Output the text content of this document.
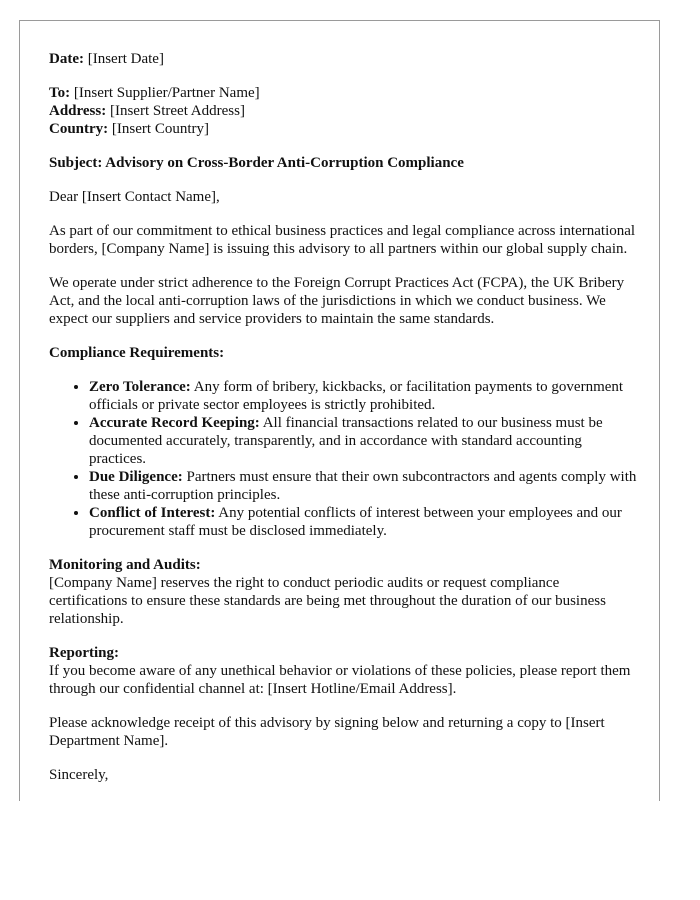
Date: [Insert Date]

To: [Insert Supplier/Partner Name]
Address: [Insert Street Address]
Country: [Insert Country]

Subject: Advisory on Cross-Border Anti-Corruption Compliance

Dear [Insert Contact Name],

As part of our commitment to ethical business practices and legal compliance across international borders, [Company Name] is issuing this advisory to all partners within our global supply chain.

We operate under strict adherence to the Foreign Corrupt Practices Act (FCPA), the UK Bribery Act, and the local anti-corruption laws of the jurisdictions in which we conduct business. We expect our suppliers and service providers to maintain the same standards.

Compliance Requirements:

• Zero Tolerance: Any form of bribery, kickbacks, or facilitation payments to government officials or private sector employees is strictly prohibited.
• Accurate Record Keeping: All financial transactions related to our business must be documented accurately, transparently, and in accordance with standard accounting practices.
• Due Diligence: Partners must ensure that their own subcontractors and agents comply with these anti-corruption principles.
• Conflict of Interest: Any potential conflicts of interest between your employees and our procurement staff must be disclosed immediately.
Monitoring and Audits:
[Company Name] reserves the right to conduct periodic audits or request compliance certifications to ensure these standards are being met throughout the duration of our business relationship.
Reporting:
If you become aware of any unethical behavior or violations of these policies, please report them through our confidential channel at: [Insert Hotline/Email Address].

Please acknowledge receipt of this advisory by signing below and returning a copy to [Insert Department Name].

Sincerely,
